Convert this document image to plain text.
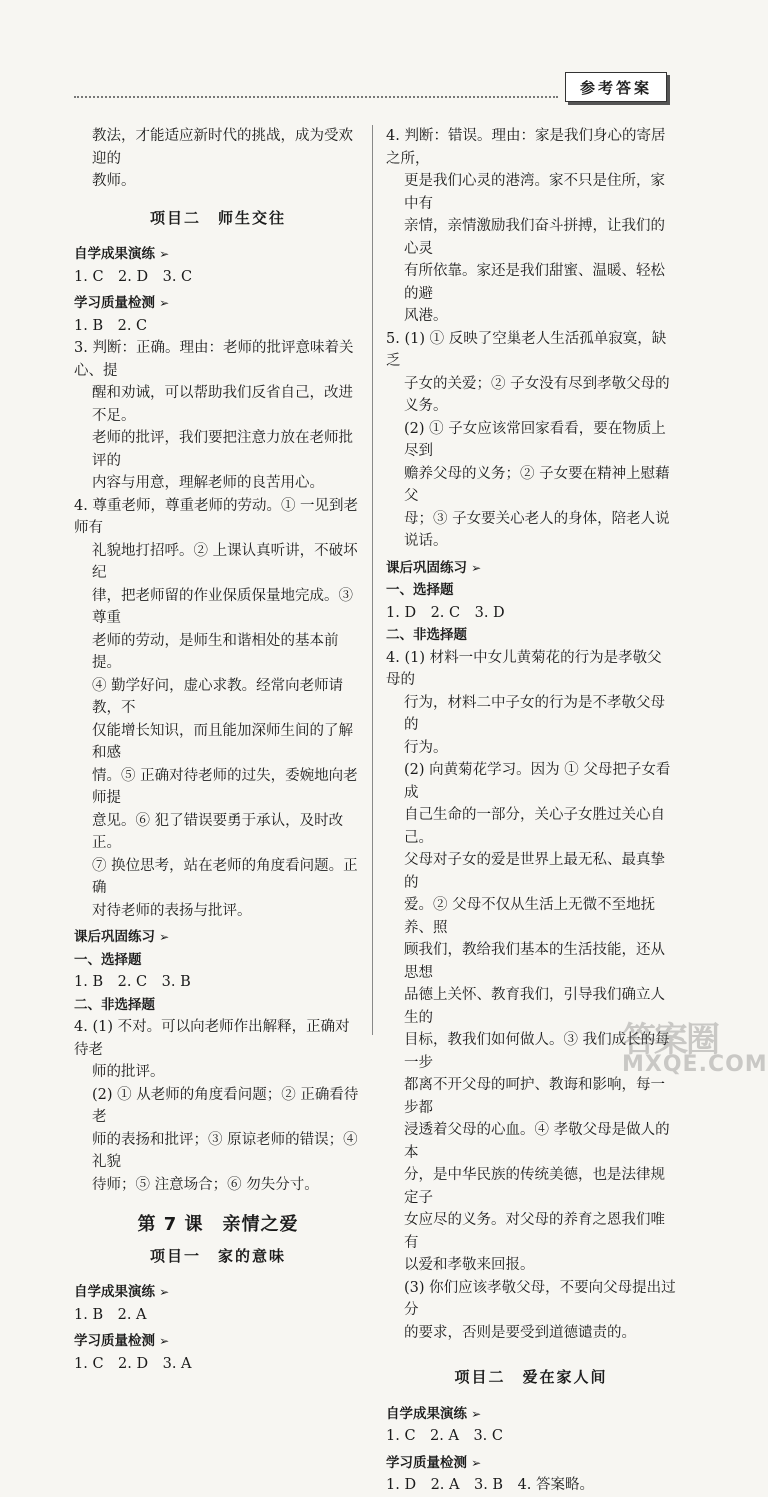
参考答案

教法，才能适应新时代的挑战，成为受欢迎的

教师。

项目二　师生交往
自学成果演练 ➢

1. C　2. D　3. C

学习质量检测 ➢

1. B　2. C

3. 判断：正确。理由：老师的批评意味着关心、提

醒和劝诫，可以帮助我们反省自己，改进不足。

老师的批评，我们要把注意力放在老师批评的

内容与用意，理解老师的良苦用心。

4. 尊重老师，尊重老师的劳动。① 一见到老师有

礼貌地打招呼。② 上课认真听讲，不破坏纪

律，把老师留的作业保质保量地完成。③ 尊重

老师的劳动，是师生和谐相处的基本前提。

④ 勤学好问，虚心求教。经常向老师请教，不

仅能增长知识，而且能加深师生间的了解和感

情。⑤ 正确对待老师的过失，委婉地向老师提

意见。⑥ 犯了错误要勇于承认，及时改正。

⑦ 换位思考，站在老师的角度看问题。正确

对待老师的表扬与批评。

课后巩固练习 ➢

一、选择题

1. B　2. C　3. B

二、非选择题

4. (1) 不对。可以向老师作出解释，正确对待老

师的批评。

(2) ① 从老师的角度看问题；② 正确看待老

师的表扬和批评；③ 原谅老师的错误；④ 礼貌

待师；⑤ 注意场合；⑥ 勿失分寸。

第 7 课　亲情之爱
项目一　家的意味
自学成果演练 ➢

1. B　2. A

学习质量检测 ➢

1. C　2. D　3. A

4. 判断：错误。理由：家是我们身心的寄居之所，

更是我们心灵的港湾。家不只是住所，家中有

亲情，亲情激励我们奋斗拼搏，让我们的心灵

有所依靠。家还是我们甜蜜、温暖、轻松的避

风港。

5. (1) ① 反映了空巢老人生活孤单寂寞，缺乏

子女的关爱；② 子女没有尽到孝敬父母的

义务。

(2) ① 子女应该常回家看看，要在物质上尽到

赡养父母的义务；② 子女要在精神上慰藉父

母；③ 子女要关心老人的身体，陪老人说说话。

课后巩固练习 ➢

一、选择题

1. D　2. C　3. D

二、非选择题

4. (1) 材料一中女儿黄菊花的行为是孝敬父母的

行为，材料二中子女的行为是不孝敬父母的

行为。

(2) 向黄菊花学习。因为 ① 父母把子女看成

自己生命的一部分，关心子女胜过关心自己。

父母对子女的爱是世界上最无私、最真挚的

爱。② 父母不仅从生活上无微不至地抚养、照

顾我们，教给我们基本的生活技能，还从思想

品德上关怀、教育我们，引导我们确立人生的

目标，教我们如何做人。③ 我们成长的每一步

都离不开父母的呵护、教诲和影响，每一步都

浸透着父母的心血。④ 孝敬父母是做人的本

分，是中华民族的传统美德，也是法律规定子

女应尽的义务。对父母的养育之恩我们唯有

以爱和孝敬来回报。

(3) 你们应该孝敬父母，不要向父母提出过分

的要求，否则是要受到道德谴责的。

项目二　爱在家人间
自学成果演练 ➢

1. C　2. A　3. C

学习质量检测 ➢

1. D　2. A　3. B　4. 答案略。

答案圈
MXQE.COM
